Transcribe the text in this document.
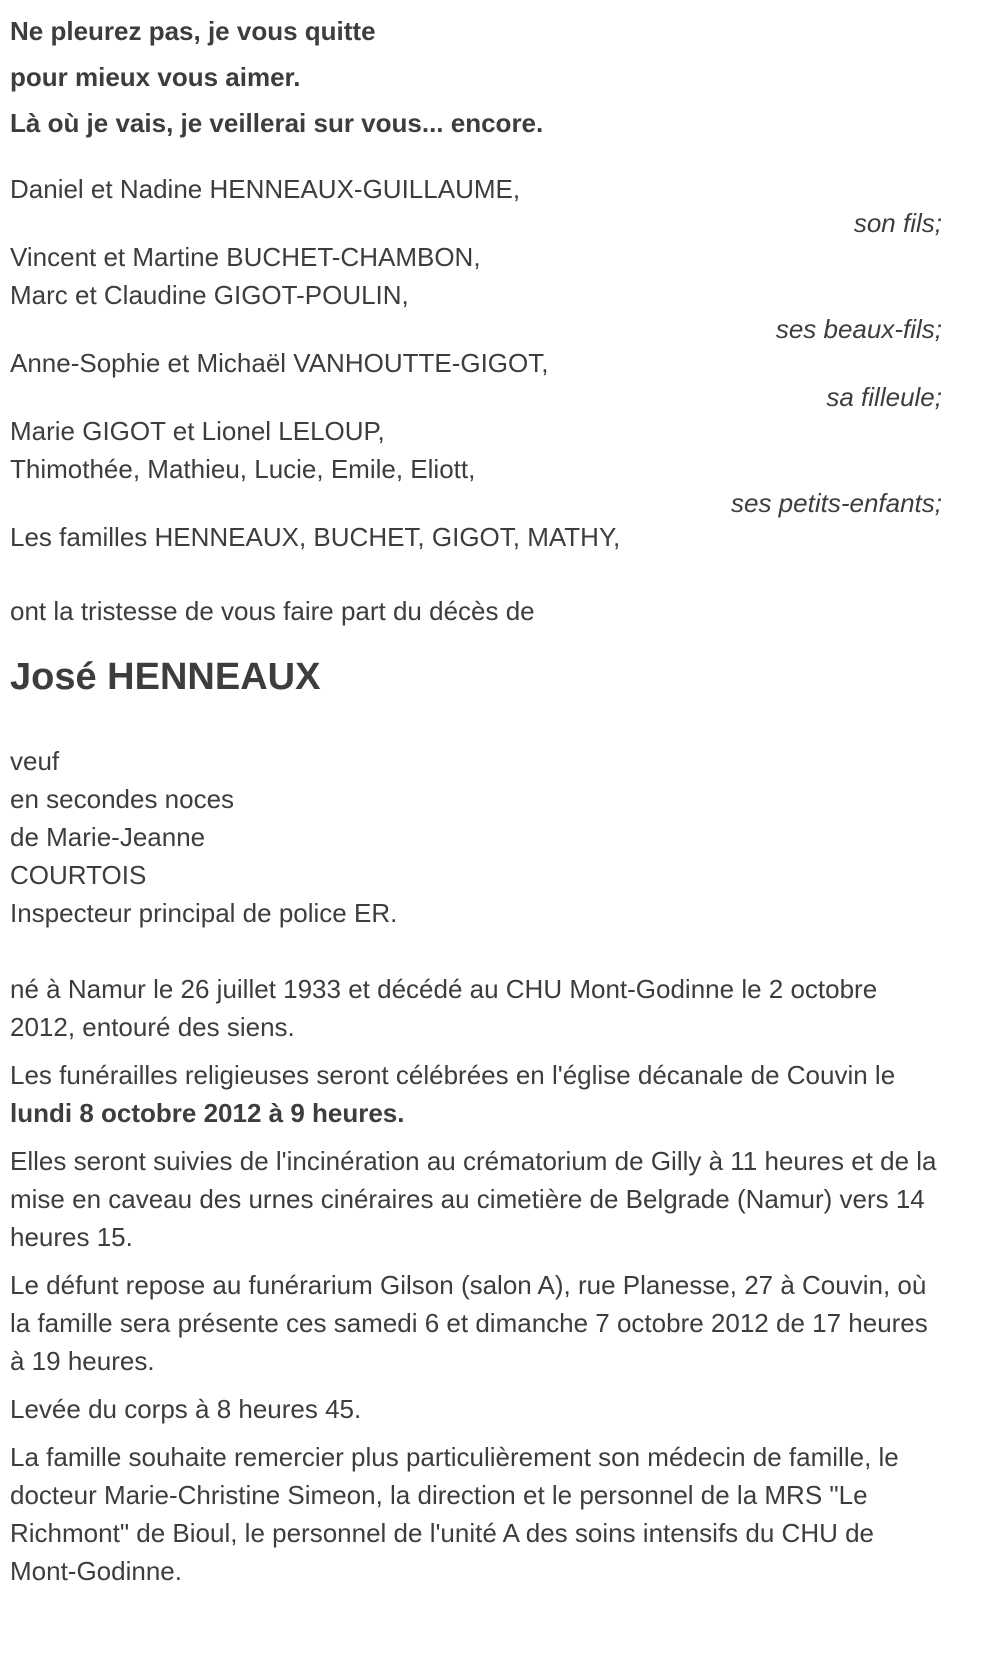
Ne pleurez pas, je vous quitte

pour mieux vous aimer.

Là où je vais, je veillerai sur vous... encore.

Daniel et Nadine HENNEAUX-GUILLAUME,

son fils;

Vincent et Martine BUCHET-CHAMBON,

Marc et Claudine GIGOT-POULIN,

ses beaux-fils;

Anne-Sophie et Michaël VANHOUTTE-GIGOT,

sa filleule;

Marie GIGOT et Lionel LELOUP,

Thimothée, Mathieu, Lucie, Emile, Eliott,

ses petits-enfants;

Les familles HENNEAUX, BUCHET, GIGOT, MATHY,

ont la tristesse de vous faire part du décès de

José HENNEAUX

veuf

en secondes noces

de Marie-Jeanne

COURTOIS

Inspecteur principal de police ER.

né à Namur le 26 juillet 1933 et décédé au CHU Mont-Godinne le 2 octobre 2012, entouré des siens.

Les funérailles religieuses seront célébrées en l'église décanale de Couvin le lundi 8 octobre 2012 à 9 heures.

Elles seront suivies de l'incinération au crématorium de Gilly à 11 heures et de la mise en caveau des urnes cinéraires au cimetière de Belgrade (Namur) vers 14 heures 15.

Le défunt repose au funérarium Gilson (salon A), rue Planesse, 27 à Couvin, où la famille sera présente ces samedi 6 et dimanche 7 octobre 2012 de 17 heures à 19 heures.

Levée du corps à 8 heures 45.

La famille souhaite remercier plus particulièrement son médecin de famille, le docteur Marie-Christine Simeon, la direction et le personnel de la MRS "Le Richmont" de Bioul, le personnel de l'unité A des soins intensifs du CHU de Mont-Godinne.
